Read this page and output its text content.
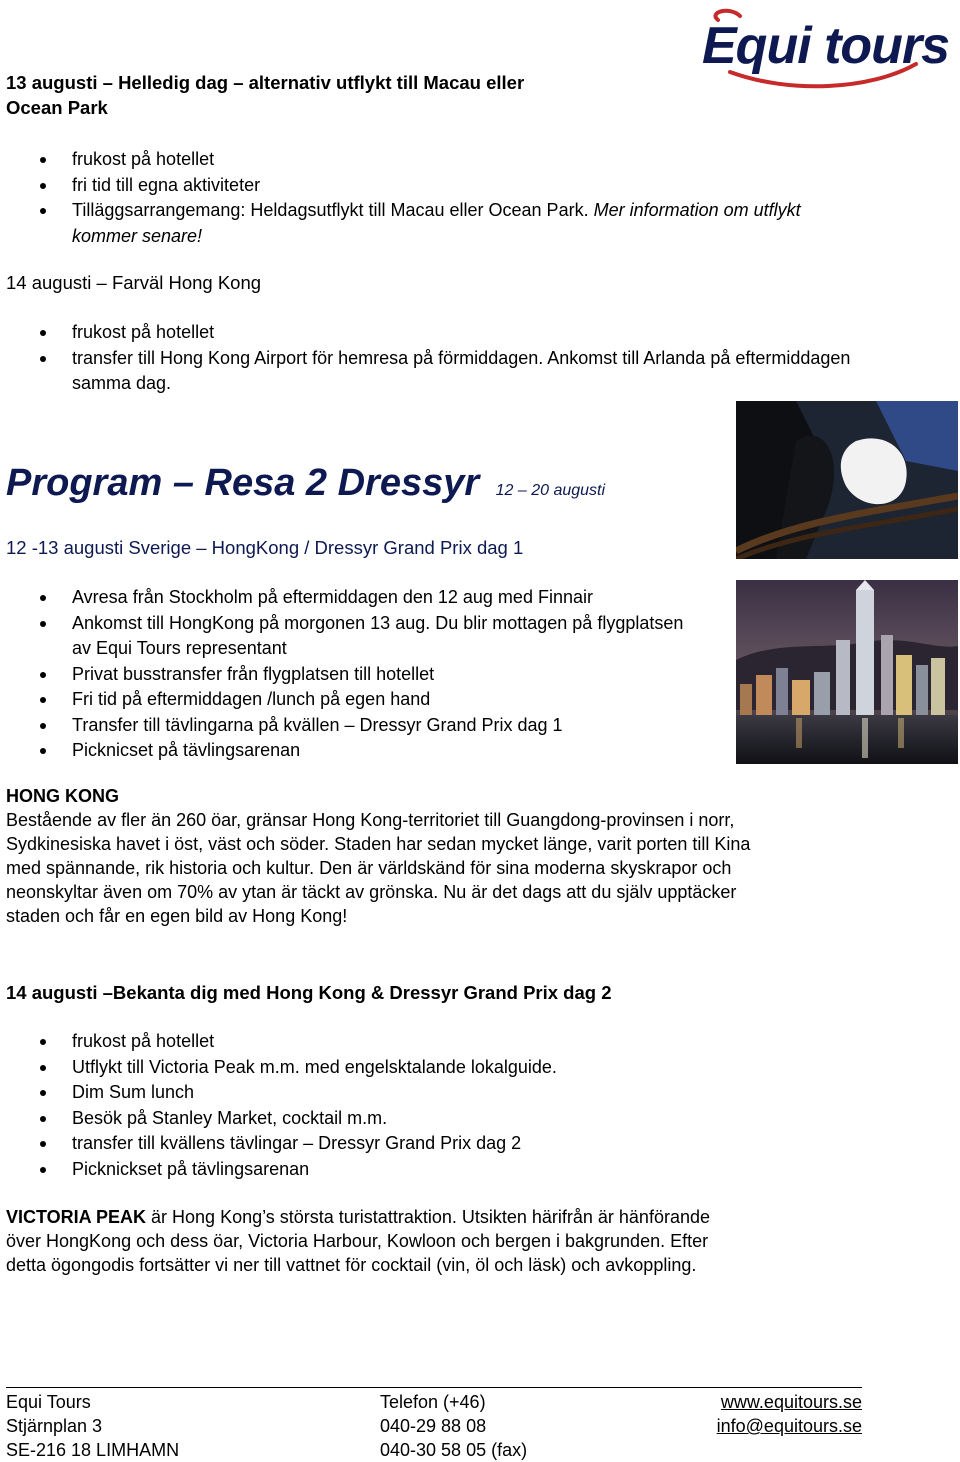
Equi tours
13 augusti – Helledig dag – alternativ utflykt till Macau eller
Ocean Park
frukost på hotellet
fri tid till egna aktiviteter
Tilläggsarrangemang: Heldagsutflykt till Macau eller Ocean Park. Mer information om utflykt kommer senare!
14 augusti – Farväl Hong Kong
frukost på hotellet
transfer till Hong Kong Airport för hemresa på förmiddagen. Ankomst till Arlanda på eftermiddagen samma dag.
Program – Resa 2 Dressyr 12 – 20 augusti
12 -13 augusti Sverige – HongKong / Dressyr Grand Prix dag 1
Avresa från Stockholm på eftermiddagen den 12 aug med Finnair
Ankomst till HongKong på morgonen 13 aug. Du blir mottagen på flygplatsen av Equi Tours representant
Privat busstransfer från flygplatsen till hotellet
Fri tid på eftermiddagen /lunch på egen hand
Transfer till tävlingarna på kvällen – Dressyr Grand Prix dag 1
Picknicset på tävlingsarenan
HONG KONG
Bestående av fler än 260 öar, gränsar Hong Kong-territoriet till Guangdong-provinsen i norr,
Sydkinesiska havet i öst, väst och söder. Staden har sedan mycket länge, varit porten till Kina
med spännande, rik historia och kultur. Den är världskänd för sina moderna skyskrapor och
neonskyltar även om 70% av ytan är täckt av grönska. Nu är det dags att du själv upptäcker
staden och får en egen bild av Hong Kong!
14 augusti –Bekanta dig med Hong Kong & Dressyr Grand Prix dag 2
frukost på hotellet
Utflykt till Victoria Peak m.m. med engelsktalande lokalguide.
Dim Sum lunch
Besök på Stanley Market, cocktail m.m.
transfer till kvällens tävlingar – Dressyr Grand Prix dag 2
Picknickset på tävlingsarenan
VICTORIA PEAK är Hong Kong’s största turistattraktion. Utsikten härifrån är hänförande
över HongKong och dess öar, Victoria Harbour, Kowloon och bergen i bakgrunden. Efter
detta ögongodis fortsätter vi ner till vattnet för cocktail (vin, öl och läsk) och avkoppling.
Equi Tours
Stjärnplan 3
SE-216 18 LIMHAMN
Telefon (+46)
040-29 88 08
040-30 58 05 (fax)
www.equitours.se
info@equitours.se
